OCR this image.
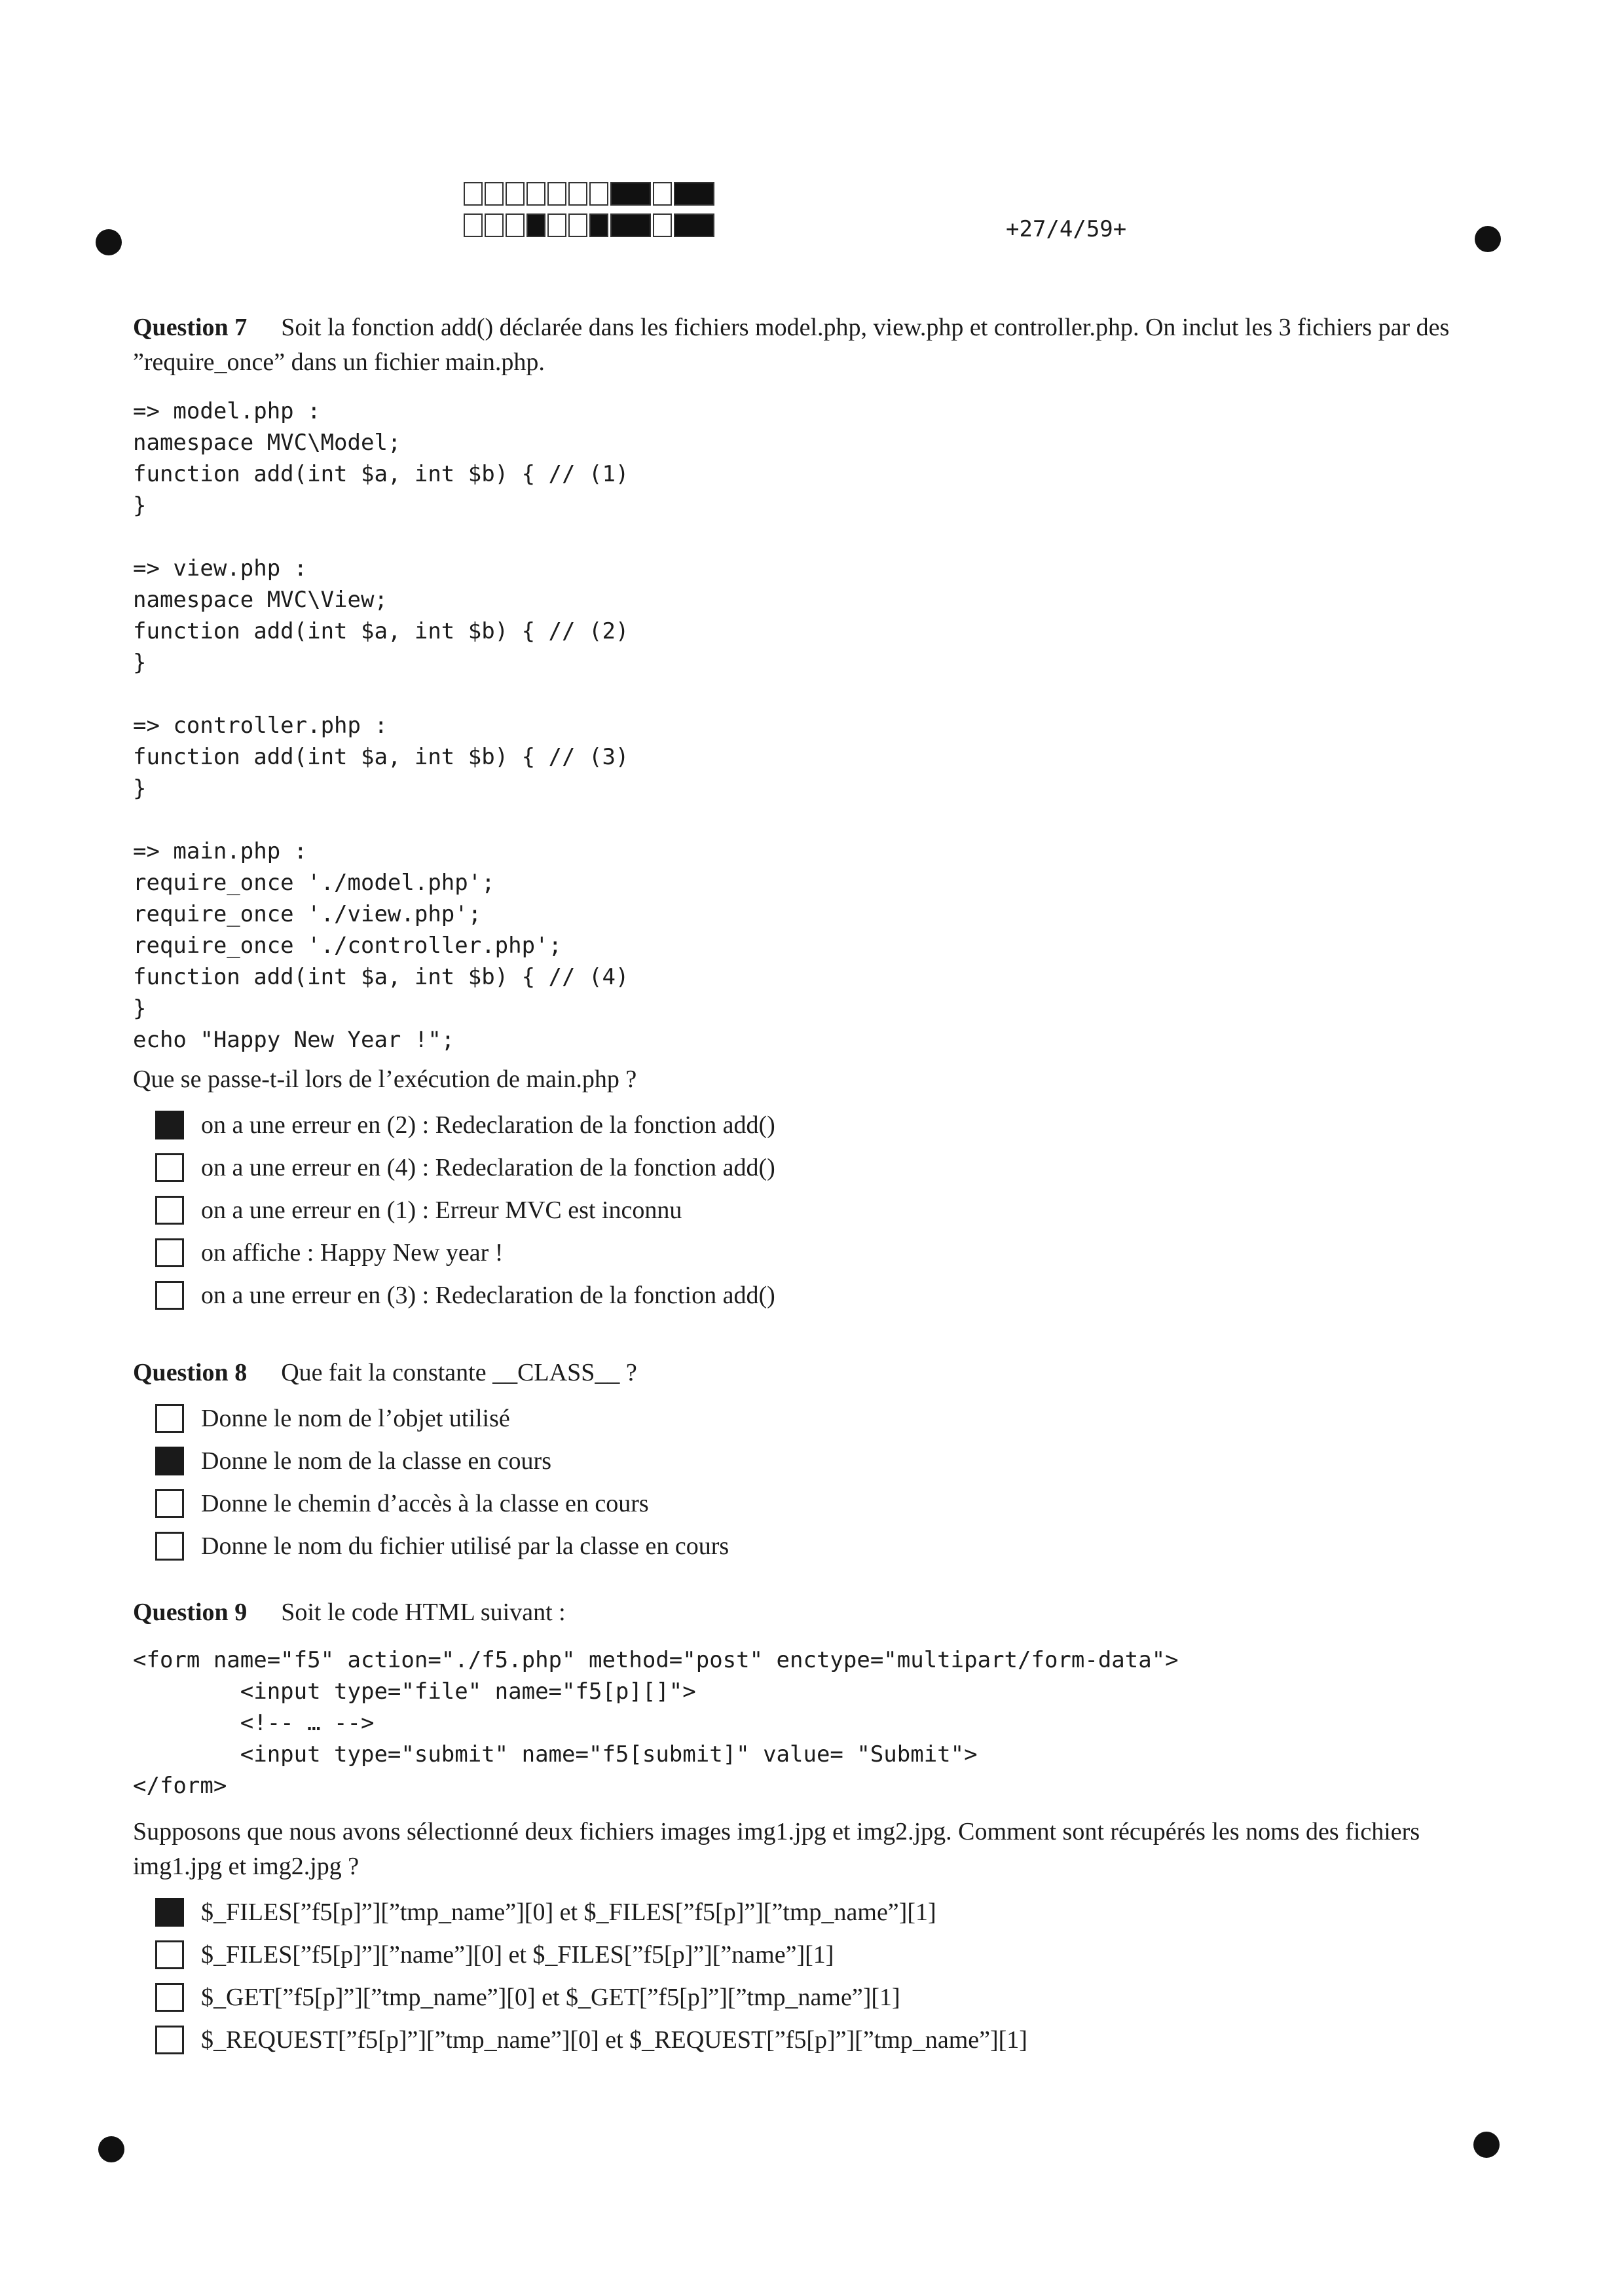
+27/4/59+
Question 7 Soit la fonction add() déclarée dans les fichiers model.php, view.php et controller.php. On inclut les 3 fichiers par des ”require_once” dans un fichier main.php.
=> model.php :
namespace MVC\Model;
function add(int $a, int $b) { // (1)
}

=> view.php :
namespace MVC\View;
function add(int $a, int $b) { // (2)
}

=> controller.php :
function add(int $a, int $b) { // (3)
}

=> main.php :
require_once './model.php';
require_once './view.php';
require_once './controller.php';
function add(int $a, int $b) { // (4)
}
echo "Happy New Year !";
Que se passe-t-il lors de l’exécution de main.php ?
on a une erreur en (2) : Redeclaration de la fonction add()
on a une erreur en (4) : Redeclaration de la fonction add()
on a une erreur en (1) : Erreur MVC est inconnu
on affiche : Happy New year !
on a une erreur en (3) : Redeclaration de la fonction add()
Question 8 Que fait la constante __CLASS__ ?
Donne le nom de l’objet utilisé
Donne le nom de la classe en cours
Donne le chemin d’accès à la classe en cours
Donne le nom du fichier utilisé par la classe en cours
Question 9 Soit le code HTML suivant :
<form name="f5" action="./f5.php" method="post" enctype="multipart/form-data">
<input type="file" name="f5[p][]">
<!-- … -->
<input type="submit" name="f5[submit]" value= "Submit">
</form>
Supposons que nous avons sélectionné deux fichiers images img1.jpg et img2.jpg. Comment sont récupérés les noms des fichiers img1.jpg et img2.jpg ?
$_FILES[”f5[p]”][”tmp_name”][0] et $_FILES[”f5[p]”][”tmp_name”][1]
$_FILES[”f5[p]”][”name”][0] et $_FILES[”f5[p]”][”name”][1]
$_GET[”f5[p]”][”tmp_name”][0] et $_GET[”f5[p]”][”tmp_name”][1]
$_REQUEST[”f5[p]”][”tmp_name”][0] et $_REQUEST[”f5[p]”][”tmp_name”][1]
